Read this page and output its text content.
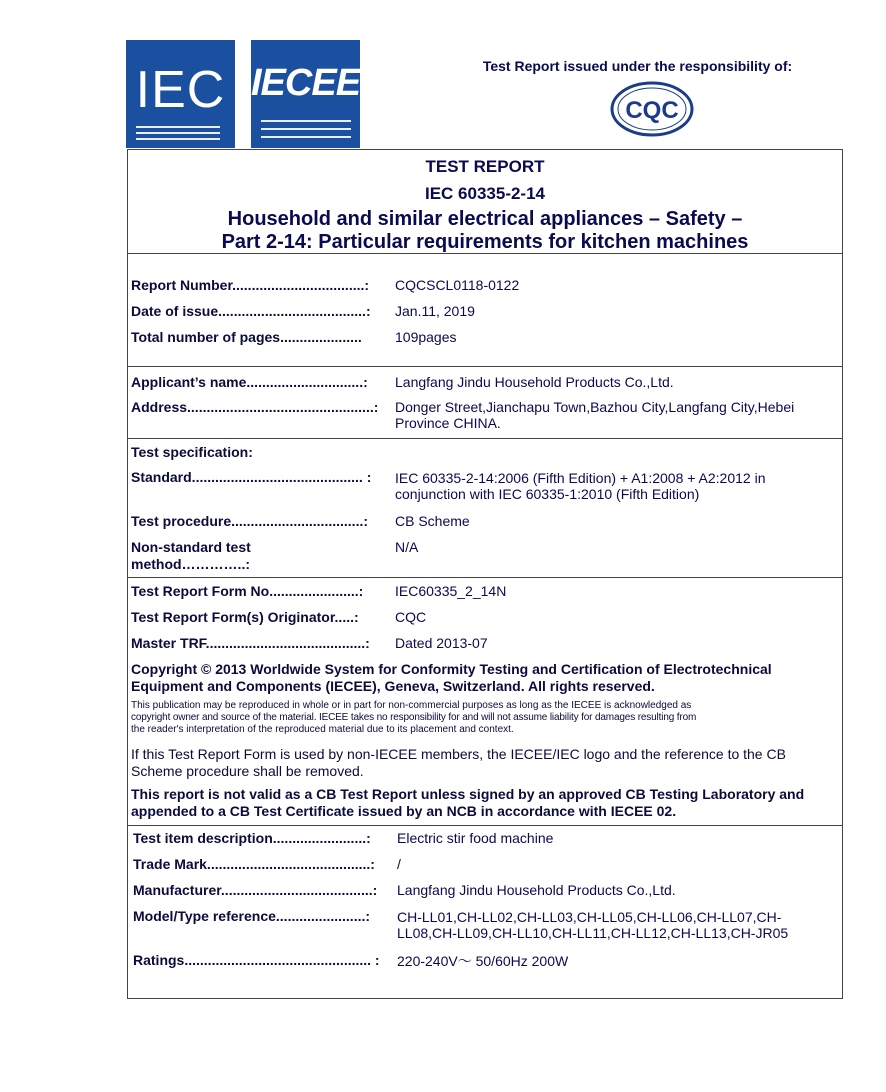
IEC IECEE	Test Report issued under the responsibility of:
CQC
TEST REPORT
IEC 60335-2-14
Household and similar electrical appliances – Safety –
Part 2-14: Particular requirements for kitchen machines
Report Number..................................: CQCSCL0118-0122
Date of issue......................................: Jan.11, 2019
Total number of pages..................... 109pages
Applicant’s name..............................: Langfang Jindu Household Products Co.,Ltd.
Address................................................: Donger Street,Jianchapu Town,Bazhou City,Langfang City,Hebei
Province CHINA.
Test specification:
Standard............................................ : IEC 60335-2-14:2006 (Fifth Edition) + A1:2008 + A2:2012 in
conjunction with IEC 60335-1:2010 (Fifth Edition)
Test procedure..................................: CB Scheme
Non-standard test
method…………..:
N/A
Test Report Form No.......................: IEC60335_2_14N
Test Report Form(s) Originator.....:	CQC
Master TRF.........................................: Dated 2013-07
Copyright © 2013 Worldwide System for Conformity Testing and Certification of Electrotechnical
Equipment and Components (IECEE), Geneva, Switzerland. All rights reserved.
This publication may be reproduced in whole or in part for non-commercial purposes as long as the IECEE is acknowledged as
copyright owner and source of the material. IECEE takes no responsibility for and will not assume liability for damages resulting from
the reader's interpretation of the reproduced material due to its placement and context.
If this Test Report Form is used by non-IECEE members, the IECEE/IEC logo and the reference to the CB
Scheme procedure shall be removed.
This report is not valid as a CB Test Report unless signed by an approved CB Testing Laboratory and
appended to a CB Test Certificate issued by an NCB in accordance with IECEE 02.
Test item description........................: Electric stir food machine
Trade Mark..........................................: /
Manufacturer.......................................: Langfang Jindu Household Products Co.,Ltd.
Model/Type reference.......................: CH-LL01,CH-LL02,CH-LL03,CH-LL05,CH-LL06,CH-LL07,CH-
LL08,CH-LL09,CH-LL10,CH-LL11,CH-LL12,CH-LL13,CH-JR05
Ratings................................................ : 220-240V～ 50/60Hz 200W
